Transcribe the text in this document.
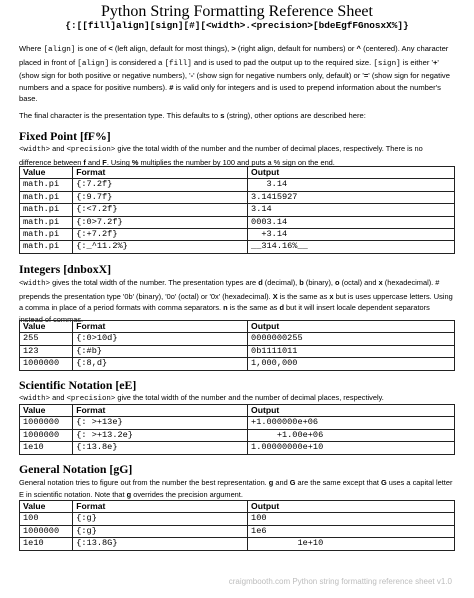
Python String Formatting Reference Sheet
{:[[fill]align][sign][#][<width>.<precision>[bdeEgfFGnosxX%]}
Where [align] is one of < (left align, default for most things), > (right align, default for numbers) or ^ (centered). Any character placed in front of [align] is considered a [fill] and is used to pad the output up to the required size. [sign] is either '+' (show sign for both positive or negative numbers), '-' (show sign for negative numbers only, default) or '=' (show sign for negative numbers and a space for positive numbers). # is valid only for integers and is used to prepend information about the number's base.
The final character is the presentation type. This defaults to s (string), other options are described here:
Fixed Point [fF%]
<width> and <precision> give the total width of the number and the number of decimal places, respectively. There is no difference between f and F. Using % multiplies the number by 100 and puts a % sign on the end.
Value	Format	Output
math.pi	{:7.2f}	3.14
math.pi	{:9.7f}	3.1415927
math.pi	{:<7.2f}	3.14
math.pi	{:0>7.2f}	0003.14
math.pi	{:+7.2f}	+3.14
math.pi	{:_^11.2%}	__314.16%__
Integers [dnboxX]
<width> gives the total width of the number. The presentation types are d (decimal), b (binary), o (octal) and x (hexadecimal). # prepends the presentation type '0b' (binary), '0o' (octal) or '0x' (hexadecimal). X is the same as x but is uses uppercase letters. Using a comma in place of a period formats with comma separators. n is the same as d but it will insert locale dependent separators instead of commas.
Value	Format	Output
255	{:0>10d}	0000000255
123	{:#b}	0b1111011
1000000	{:8,d}	1,000,000
Scientific Notation [eE]
<width> and <precision> give the total width of the number and the number of decimal places, respectively.
Value	Format	Output
1000000	{: >+13e}	+1.000000e+06
1000000	{: >+13.2e}	+1.00e+06
1e10	{:13.8e}	1.00000000e+10
General Notation [gG]
General notation tries to figure out from the number the best representation. g and G are the same except that G uses a capital letter E in scientific notation. Note that g overrides the precision argument.
Value	Format	Output
100	{:g}	100
1000000	{:g}	1e6
1e10	{:13.8G}	1e+10
craigmbooth.com Python string formatting reference sheet v1.0
